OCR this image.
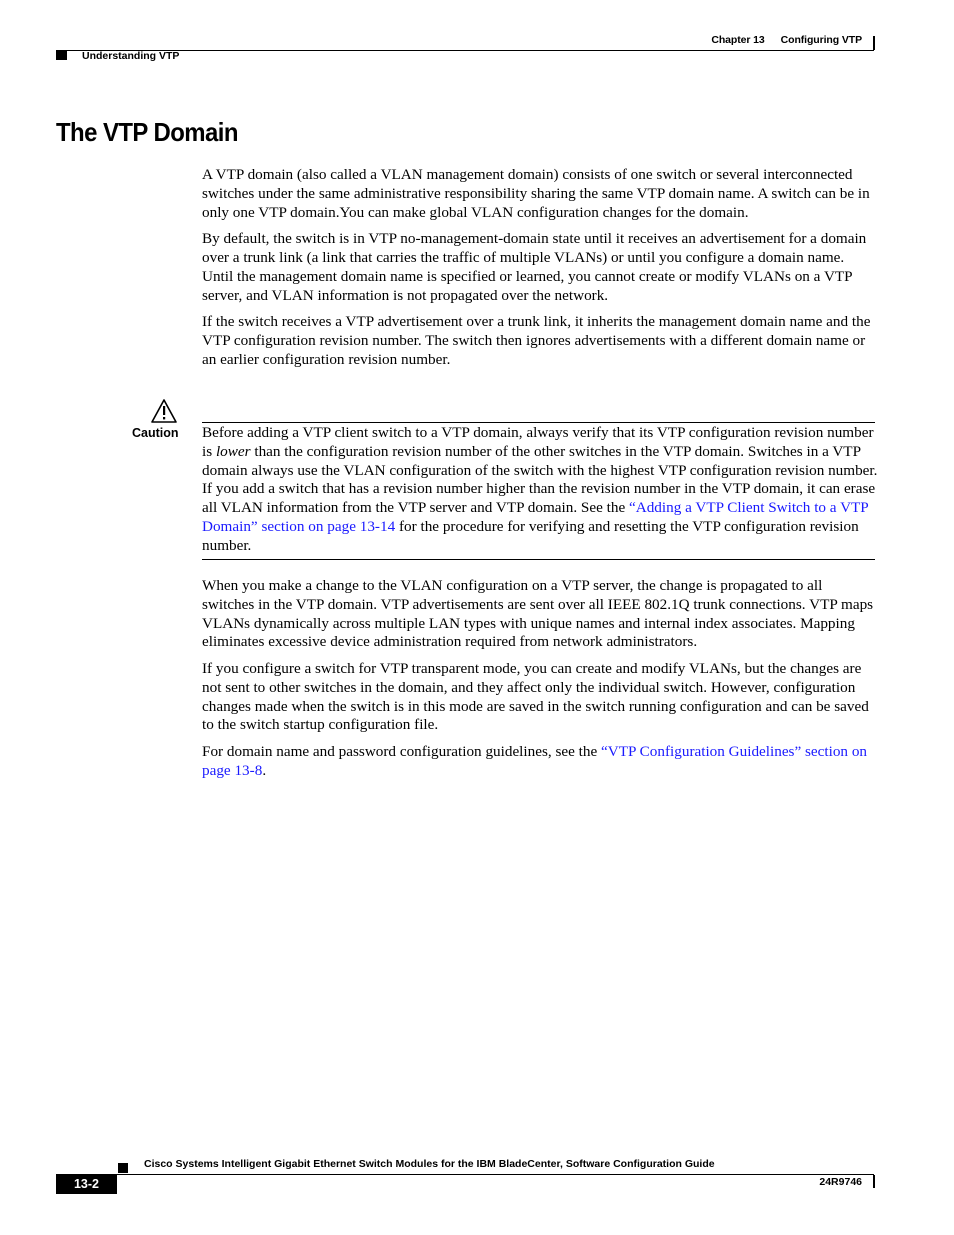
Chapter 13 Configuring VTP
Understanding VTP
The VTP Domain

A VTP domain (also called a VLAN management domain) consists of one switch or several interconnected switches under the same administrative responsibility sharing the same VTP domain name. A switch can be in only one VTP domain.You can make global VLAN configuration changes for the domain.

By default, the switch is in VTP no-management-domain state until it receives an advertisement for a domain over a trunk link (a link that carries the traffic of multiple VLANs) or until you configure a domain name. Until the management domain name is specified or learned, you cannot create or modify VLANs on a VTP server, and VLAN information is not propagated over the network.

If the switch receives a VTP advertisement over a trunk link, it inherits the management domain name and the VTP configuration revision number. The switch then ignores advertisements with a different domain name or an earlier configuration revision number.

Caution Before adding a VTP client switch to a VTP domain, always verify that its VTP configuration revision number is lower than the configuration revision number of the other switches in the VTP domain. Switches in a VTP domain always use the VLAN configuration of the switch with the highest VTP configuration revision number. If you add a switch that has a revision number higher than the revision number in the VTP domain, it can erase all VLAN information from the VTP server and VTP domain. See the “Adding a VTP Client Switch to a VTP Domain” section on page 13-14 for the procedure for verifying and resetting the VTP configuration revision number.

When you make a change to the VLAN configuration on a VTP server, the change is propagated to all switches in the VTP domain. VTP advertisements are sent over all IEEE 802.1Q trunk connections. VTP maps VLANs dynamically across multiple LAN types with unique names and internal index associates. Mapping eliminates excessive device administration required from network administrators.

If you configure a switch for VTP transparent mode, you can create and modify VLANs, but the changes are not sent to other switches in the domain, and they affect only the individual switch. However, configuration changes made when the switch is in this mode are saved in the switch running configuration and can be saved to the switch startup configuration file.

For domain name and password configuration guidelines, see the “VTP Configuration Guidelines” section on page 13-8.

Cisco Systems Intelligent Gigabit Ethernet Switch Modules for the IBM BladeCenter, Software Configuration Guide
13-2	24R9746
